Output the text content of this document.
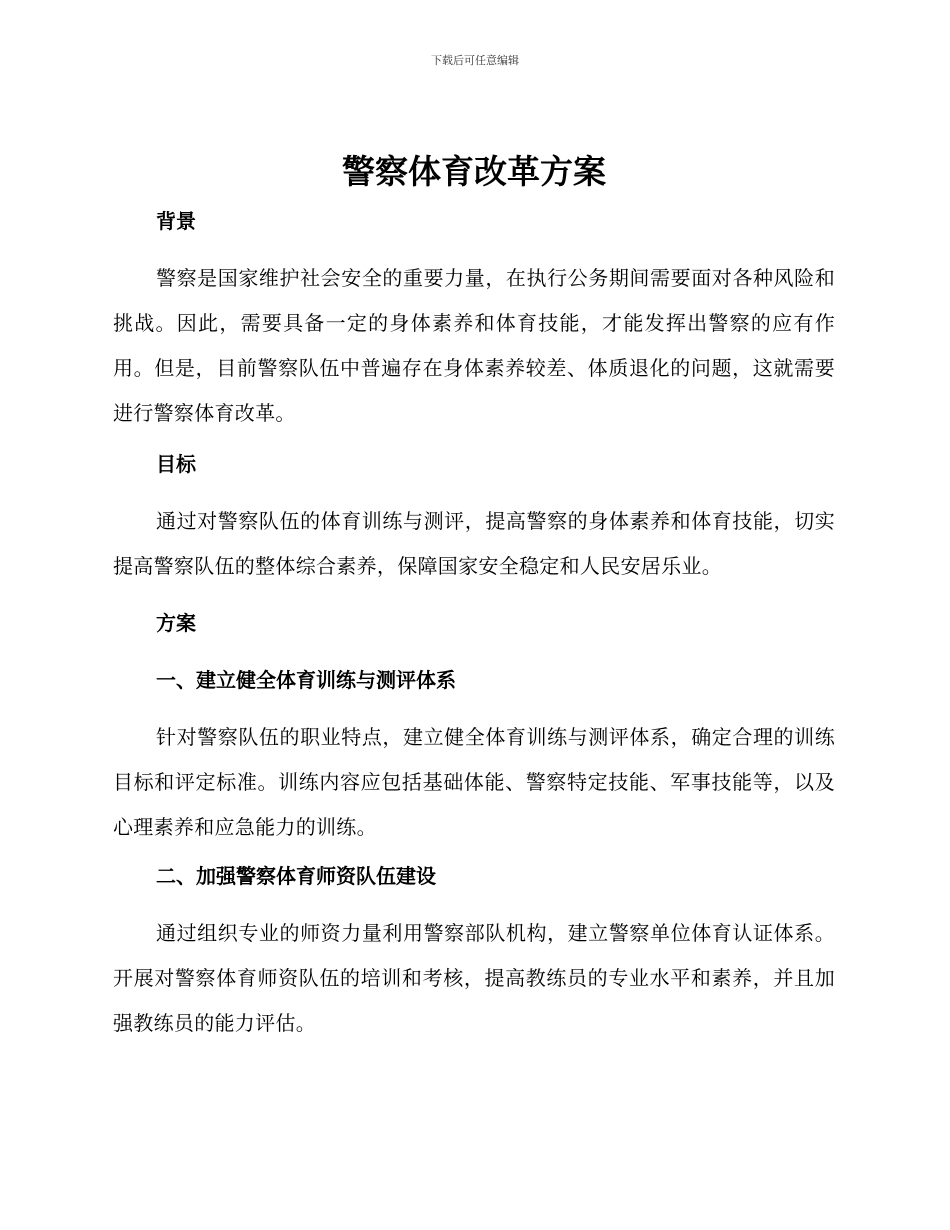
下载后可任意编辑
警察体育改革方案
背景

警察是国家维护社会安全的重要力量，在执行公务期间需要面对各种风险和挑战。因此，需要具备一定的身体素养和体育技能，才能发挥出警察的应有作用。但是，目前警察队伍中普遍存在身体素养较差、体质退化的问题，这就需要进行警察体育改革。

目标

通过对警察队伍的体育训练与测评，提高警察的身体素养和体育技能，切实提高警察队伍的整体综合素养，保障国家安全稳定和人民安居乐业。

方案
一、建立健全体育训练与测评体系

针对警察队伍的职业特点，建立健全体育训练与测评体系，确定合理的训练目标和评定标准。训练内容应包括基础体能、警察特定技能、军事技能等，以及心理素养和应急能力的训练。

二、加强警察体育师资队伍建设

通过组织专业的师资力量利用警察部队机构，建立警察单位体育认证体系。开展对警察体育师资队伍的培训和考核，提高教练员的专业水平和素养，并且加强教练员的能力评估。
